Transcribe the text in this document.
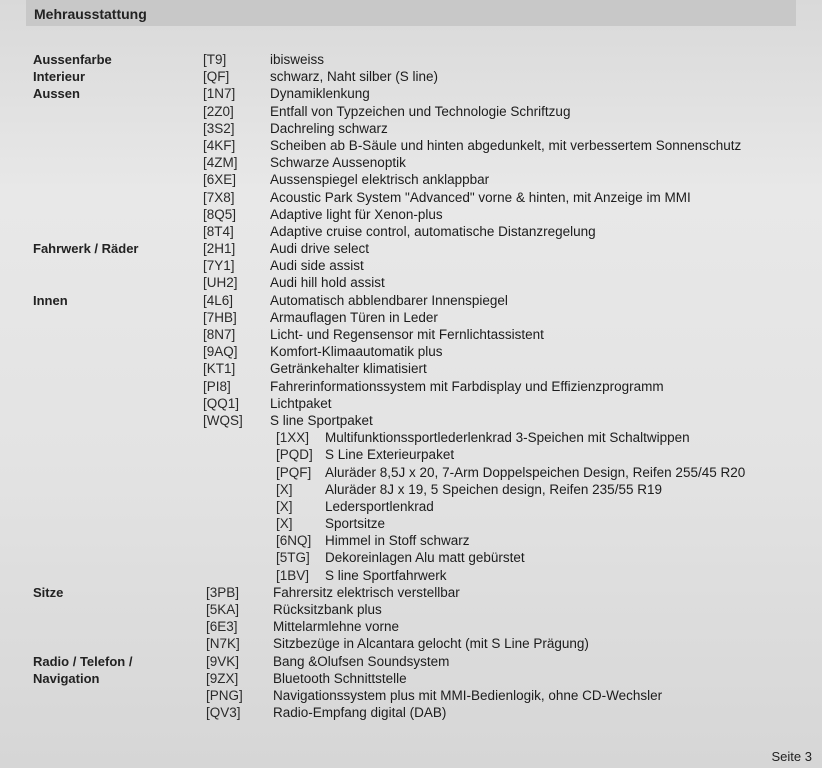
Mehrausstattung
Aussenfarbe	[T9]	ibisweiss
Interieur	[QF]	schwarz, Naht silber (S line)
Aussen	[1N7]	Dynamiklenkung
[2Z0]	Entfall von Typzeichen und Technologie Schriftzug
[3S2]	Dachreling schwarz
[4KF]	Scheiben ab B-Säule und hinten abgedunkelt, mit verbessertem Sonnenschutz
[4ZM] Schwarze Aussenoptik
[6XE]	Aussenspiegel elektrisch anklappbar
[7X8]	Acoustic Park System "Advanced" vorne & hinten, mit Anzeige im MMI
[8Q5]	Adaptive light für Xenon-plus
[8T4]	Adaptive cruise control, automatische Distanzregelung
Fahrwerk / Räder	[2H1]	Audi drive select
[7Y1]	Audi side assist
[UH2] Audi hill hold assist
Innen	[4L6]	Automatisch abblendbarer Innenspiegel
[7HB] Armauflagen Türen in Leder
[8N7]	Licht- und Regensensor mit Fernlichtassistent
[9AQ] Komfort-Klimaautomatik plus
[KT1]	Getränkehalter klimatisiert
[PI8]	Fahrerinformationssystem mit Farbdisplay und Effizienzprogramm
[QQ1] Lichtpaket
[WQS] S line Sportpaket
[1XX] Multifunktionssportlederlenkrad 3-Speichen mit Schaltwippen
[PQD] S Line Exterieurpaket
[PQF] Aluräder 8,5J x 20, 7-Arm Doppelspeichen Design, Reifen 255/45 R20
[X] Aluräder 8J x 19, 5 Speichen design, Reifen 235/55 R19
[X] Ledersportlenkrad
[X] Sportsitze
[6NQ] Himmel in Stoff schwarz
[5TG] Dekoreinlagen Alu matt gebürstet
[1BV] S line Sportfahrwerk
Sitze	[3PB]	Fahrersitz elektrisch verstellbar
[5KA]	Rücksitzbank plus
[6E3]	Mittelarmlehne vorne
[N7K] Sitzbezüge in Alcantara gelocht (mit S Line Prägung)
Radio / Telefon /	[9VK]	Bang &Olufsen Soundsystem
Navigation	[9ZX]	Bluetooth Schnittstelle
[PNG] Navigationssystem plus mit MMI-Bedienlogik, ohne CD-Wechsler
[QV3] Radio-Empfang digital (DAB)
Seite 3
